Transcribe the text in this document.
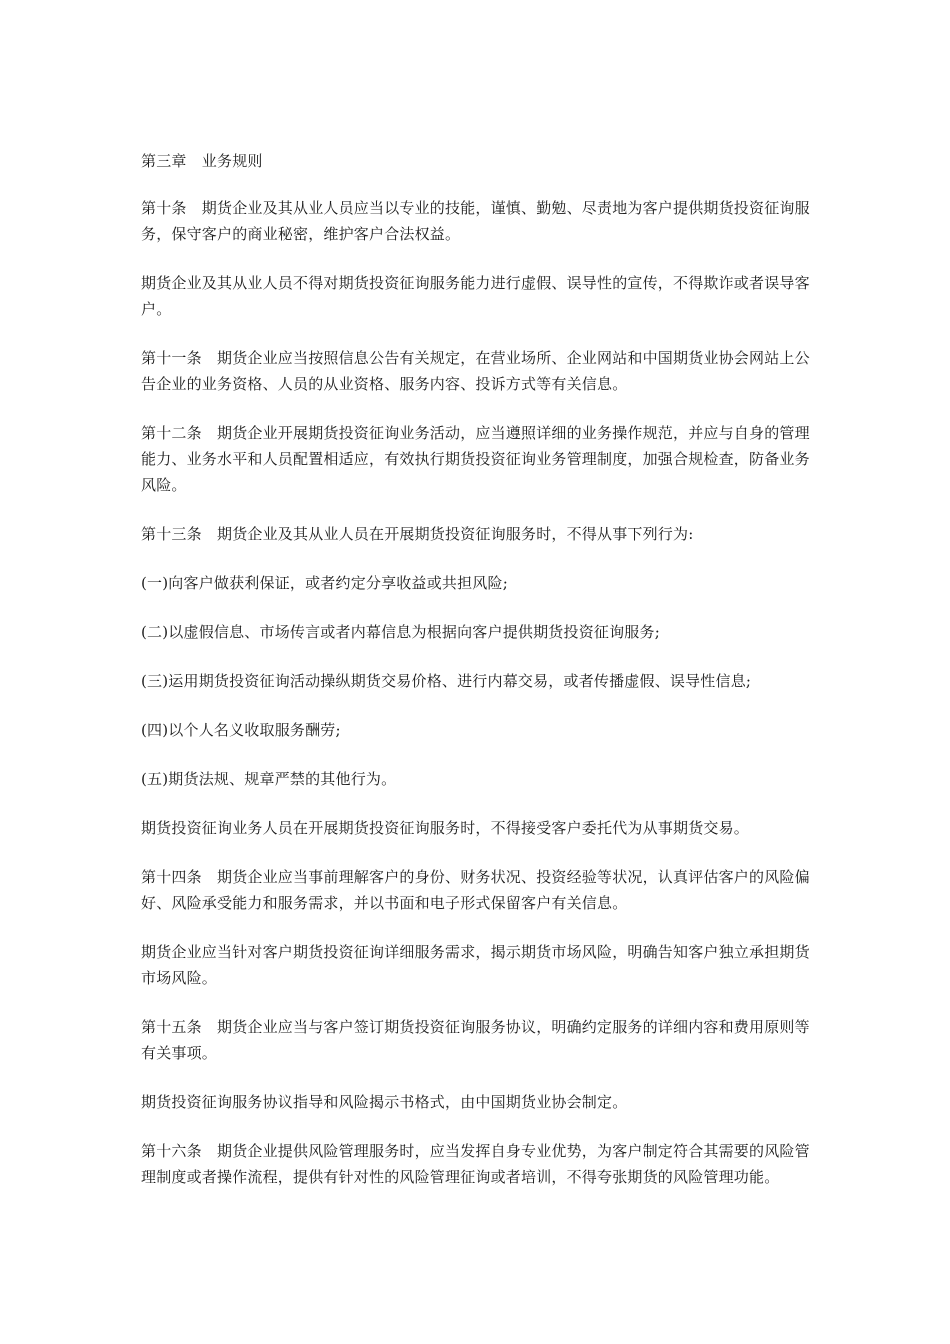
第三章　业务规则

第十条　期货企业及其从业人员应当以专业的技能，谨慎、勤勉、尽责地为客户提供期货投资征询服务，保守客户的商业秘密，维护客户合法权益。

期货企业及其从业人员不得对期货投资征询服务能力进行虚假、误导性的宣传，不得欺诈或者误导客户。

第十一条　期货企业应当按照信息公告有关规定，在营业场所、企业网站和中国期货业协会网站上公告企业的业务资格、人员的从业资格、服务内容、投诉方式等有关信息。

第十二条　期货企业开展期货投资征询业务活动，应当遵照详细的业务操作规范，并应与自身的管理能力、业务水平和人员配置相适应，有效执行期货投资征询业务管理制度，加强合规检查，防备业务风险。

第十三条　期货企业及其从业人员在开展期货投资征询服务时，不得从事下列行为:

(一)向客户做获利保证，或者约定分享收益或共担风险;

(二)以虚假信息、市场传言或者内幕信息为根据向客户提供期货投资征询服务;

(三)运用期货投资征询活动操纵期货交易价格、进行内幕交易，或者传播虚假、误导性信息;

(四)以个人名义收取服务酬劳;

(五)期货法规、规章严禁的其他行为。

期货投资征询业务人员在开展期货投资征询服务时，不得接受客户委托代为从事期货交易。

第十四条　期货企业应当事前理解客户的身份、财务状况、投资经验等状况，认真评估客户的风险偏好、风险承受能力和服务需求，并以书面和电子形式保留客户有关信息。

期货企业应当针对客户期货投资征询详细服务需求，揭示期货市场风险，明确告知客户独立承担期货市场风险。

第十五条　期货企业应当与客户签订期货投资征询服务协议，明确约定服务的详细内容和费用原则等有关事项。

期货投资征询服务协议指导和风险揭示书格式，由中国期货业协会制定。

第十六条　期货企业提供风险管理服务时，应当发挥自身专业优势，为客户制定符合其需要的风险管理制度或者操作流程，提供有针对性的风险管理征询或者培训，不得夸张期货的风险管理功能。
